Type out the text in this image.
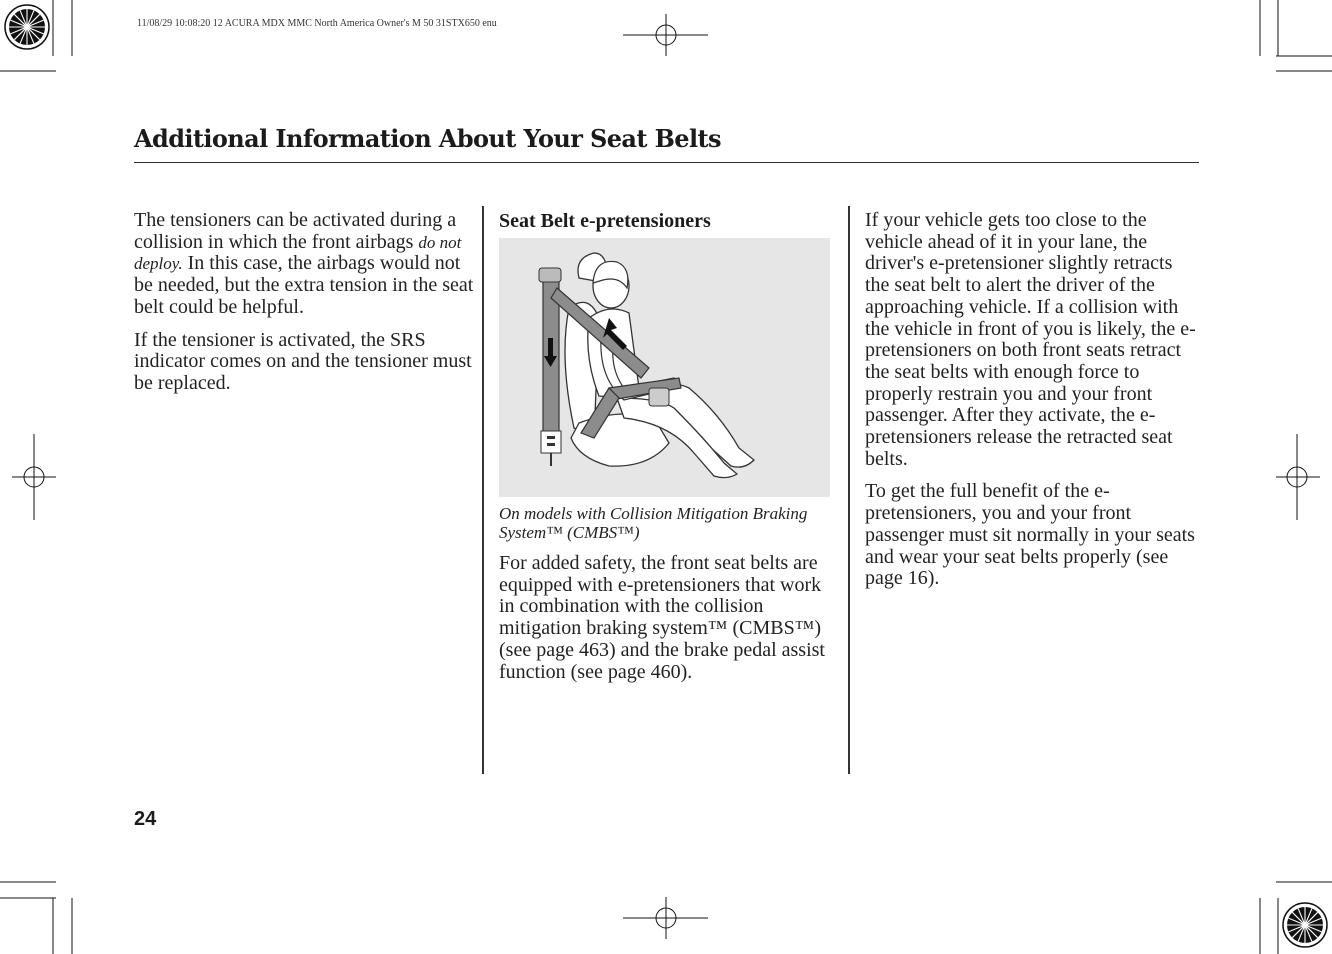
11/08/29 10:08:20 12 ACURA MDX MMC North America Owner's M 50 31STX650 enu
Additional Information About Your Seat Belts

The tensioners can be activated during a collision in which the front airbags do not deploy. In this case, the airbags would not be needed, but the extra tension in the seat belt could be helpful.

If the tensioner is activated, the SRS indicator comes on and the tensioner must be replaced.

Seat Belt e-pretensioners

On models with Collision Mitigation Braking System™ (CMBS™)

For added safety, the front seat belts are equipped with e-pretensioners that work in combination with the collision mitigation braking system™ (CMBS™) (see page 463) and the brake pedal assist function (see page 460).

If your vehicle gets too close to the vehicle ahead of it in your lane, the driver's e-pretensioner slightly retracts the seat belt to alert the driver of the approaching vehicle. If a collision with the vehicle in front of you is likely, the e-pretensioners on both front seats retract the seat belts with enough force to properly restrain you and your front passenger. After they activate, the e-pretensioners release the retracted seat belts.

To get the full benefit of the e-pretensioners, you and your front passenger must sit normally in your seats and wear your seat belts properly (see page 16).

24
